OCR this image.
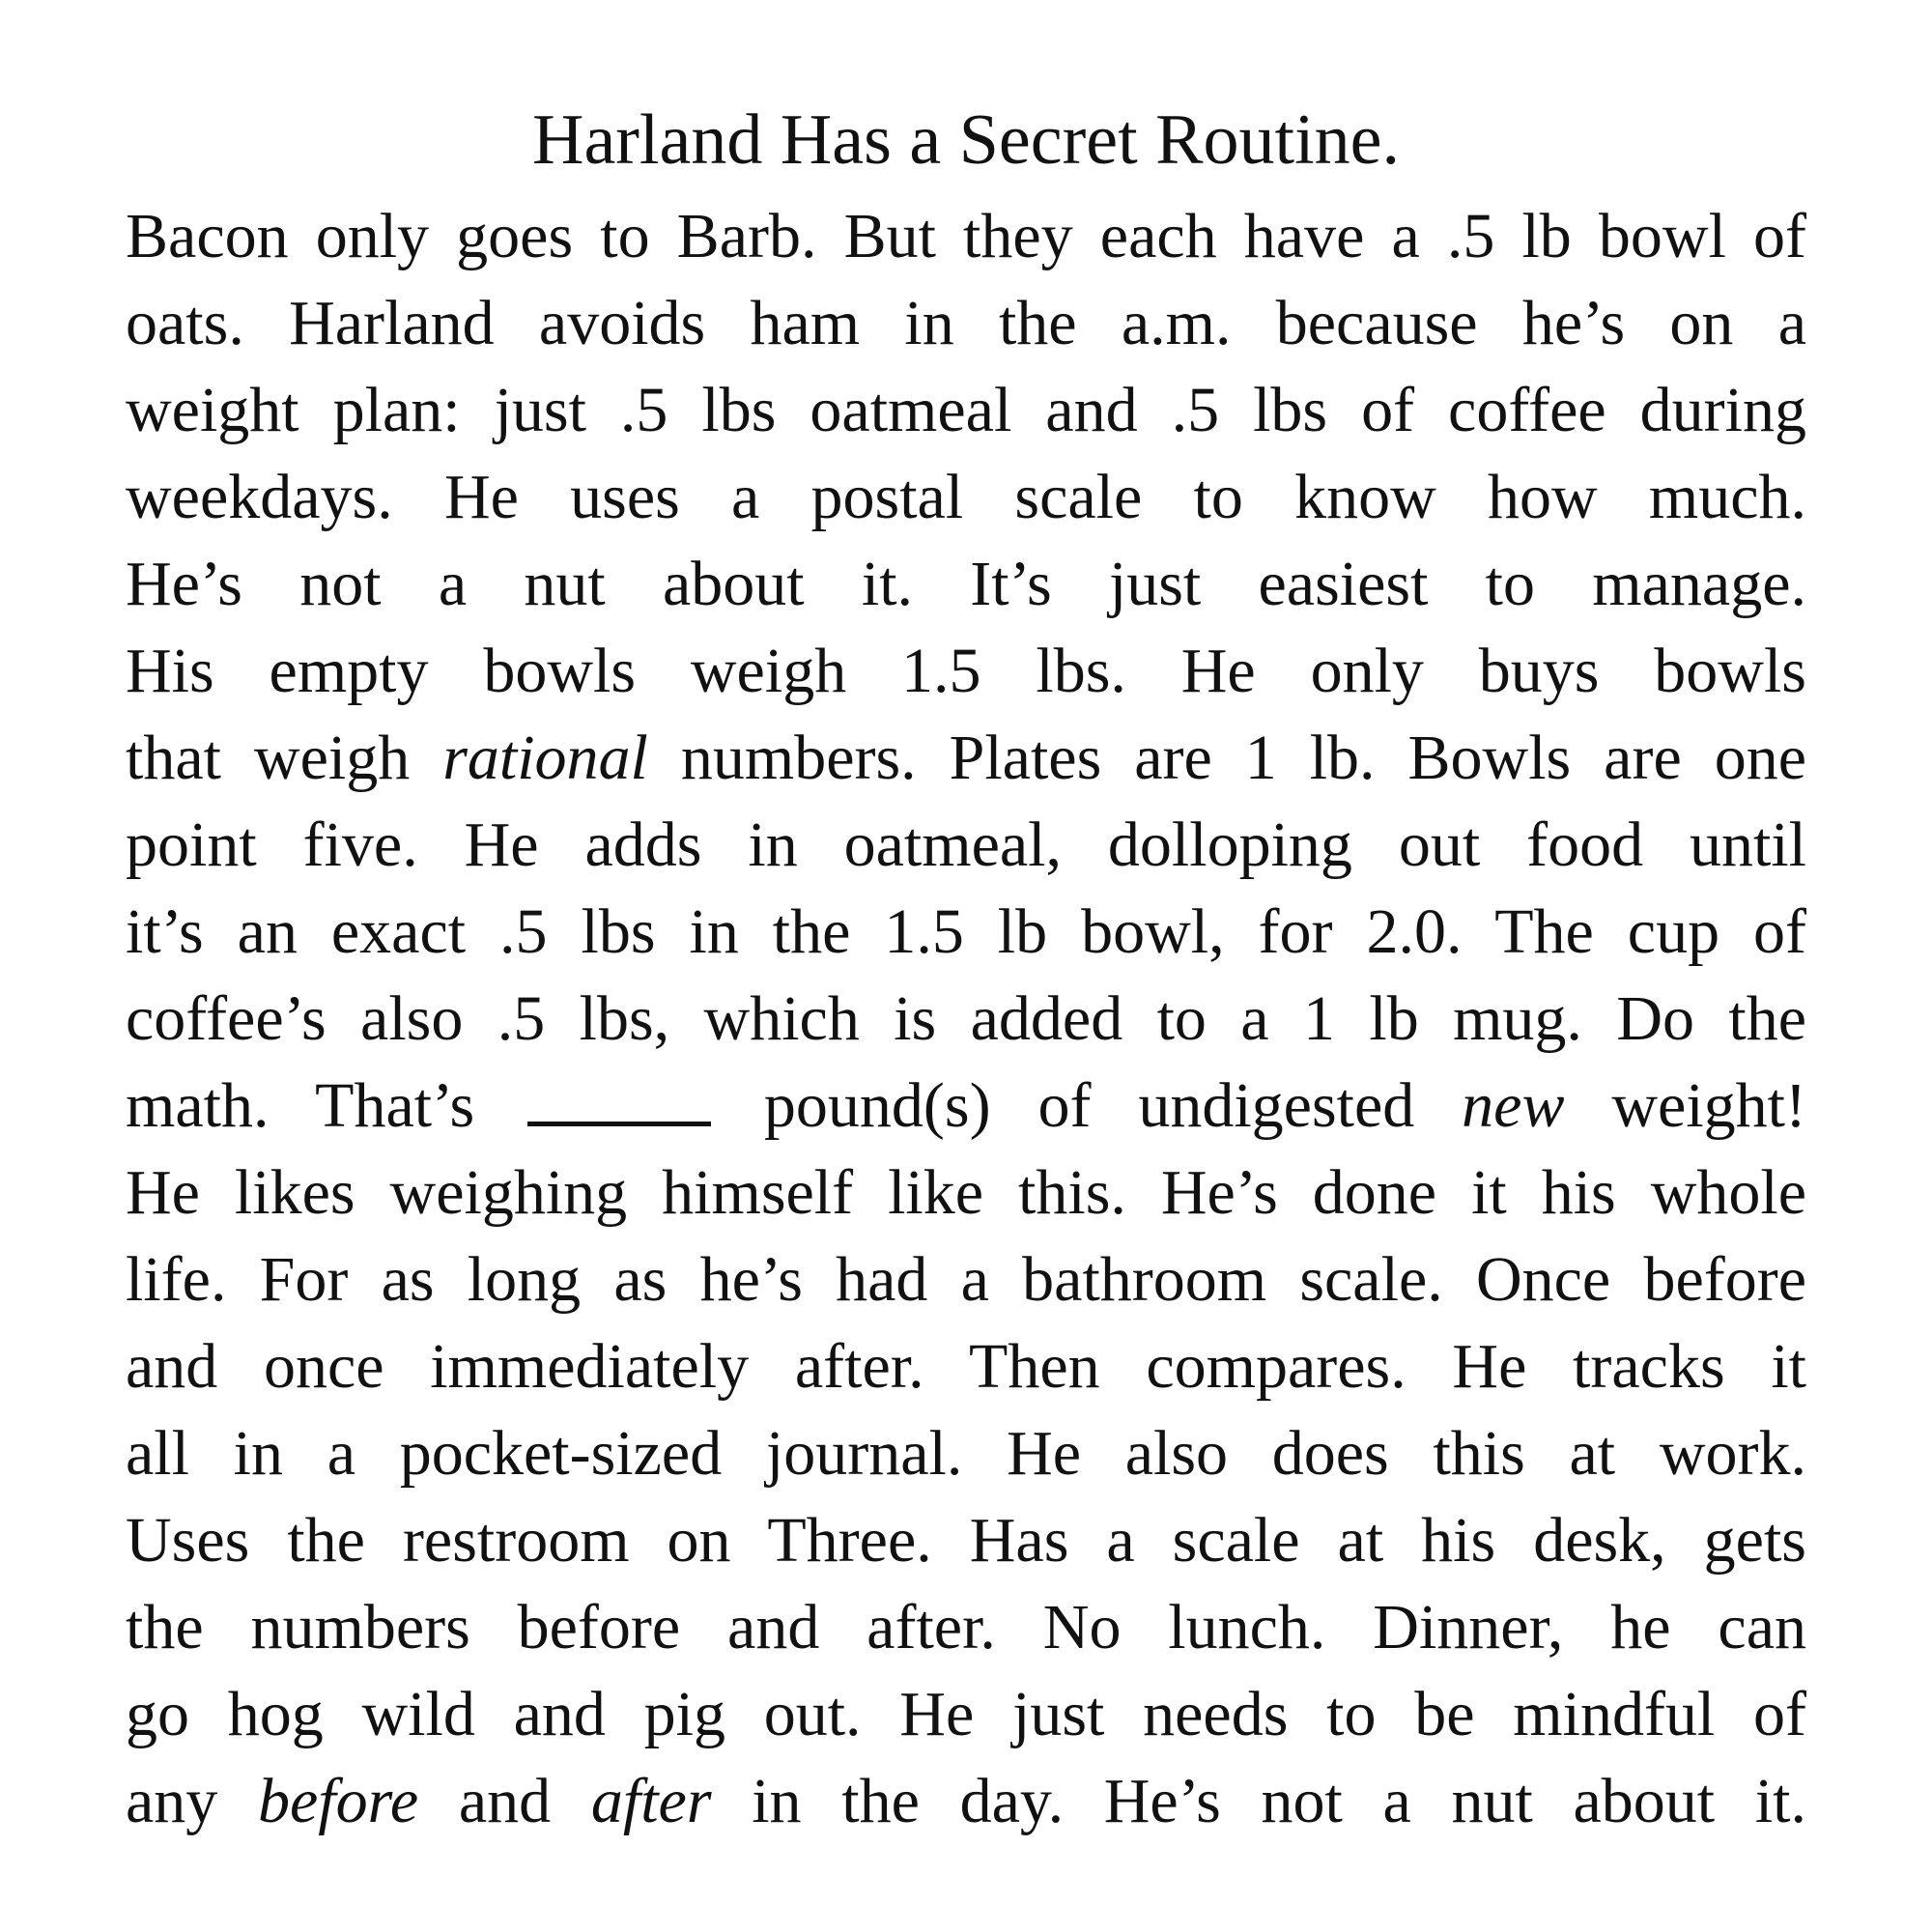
Harland Has a Secret Routine.
Bacon only goes to Barb. But they each have a .5 lb bowl of
oats. Harland avoids ham in the a.m. because he’s on a
weight plan: just .5 lbs oatmeal and .5 lbs of coffee during
weekdays. He uses a postal scale to know how much.
He’s not a nut about it. It’s just easiest to manage.
His empty bowls weigh 1.5 lbs. He only buys bowls
that weigh rational numbers. Plates are 1 lb. Bowls are one
point five. He adds in oatmeal, dolloping out food until
it’s an exact .5 lbs in the 1.5 lb bowl, for 2.0. The cup of
coffee’s also .5 lbs, which is added to a 1 lb mug. Do the
math. That’s	pound(s) of undigested new weight!
He likes weighing himself like this. He’s done it his whole
life. For as long as he’s had a bathroom scale. Once before
and once immediately after. Then compares. He tracks it
all in a pocket-sized journal. He also does this at work.
Uses the restroom on Three. Has a scale at his desk, gets
the numbers before and after. No lunch. Dinner, he can
go hog wild and pig out. He just needs to be mindful of
any before and after in the day. He’s not a nut about it.
